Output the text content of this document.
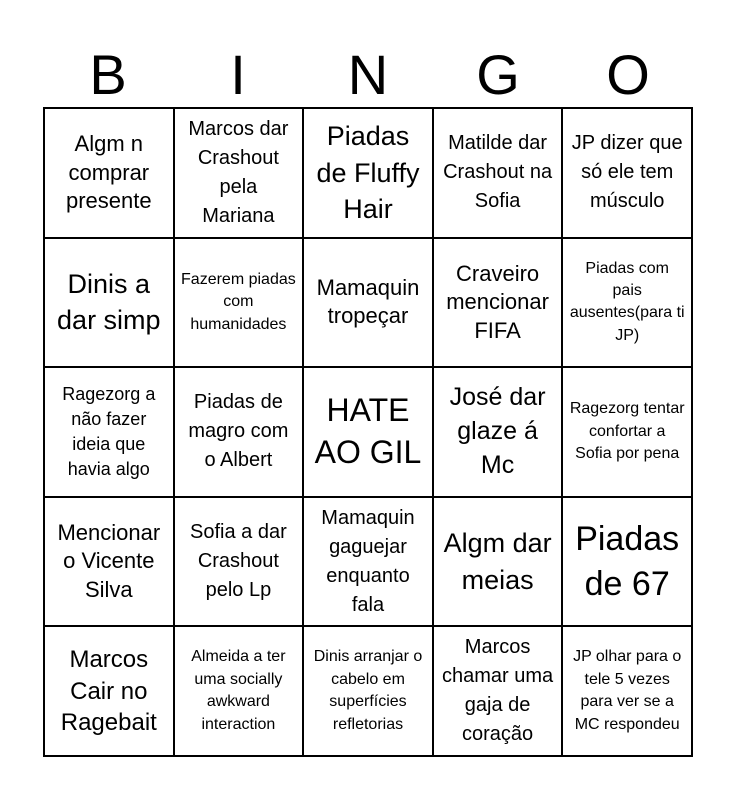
B	I	N	G	O
Algm n comprar presente
Marcos dar Crashout pela Mariana
Piadas de Fluffy Hair
Matilde dar Crashout na Sofia
JP dizer que só ele tem músculo
Dinis a dar simp
Fazerem piadas com humanidades
Mamaquin tropeçar
Craveiro mencionar FIFA
Piadas com pais ausentes(para ti JP)
Ragezorg a não fazer ideia que havia algo
Piadas de magro com o Albert
HATE AO GIL
José dar glaze á Mc
Ragezorg tentar confortar a Sofia por pena
Mencionar o Vicente Silva
Sofia a dar Crashout pelo Lp
Mamaquin gaguejar enquanto fala
Algm dar meias
Piadas de 67
Marcos Cair no Ragebait
Almeida a ter uma socially awkward interaction
Dinis arranjar o cabelo em superfícies refletorias
Marcos chamar uma gaja de coração
JP olhar para o tele 5 vezes para ver se a MC respondeu
